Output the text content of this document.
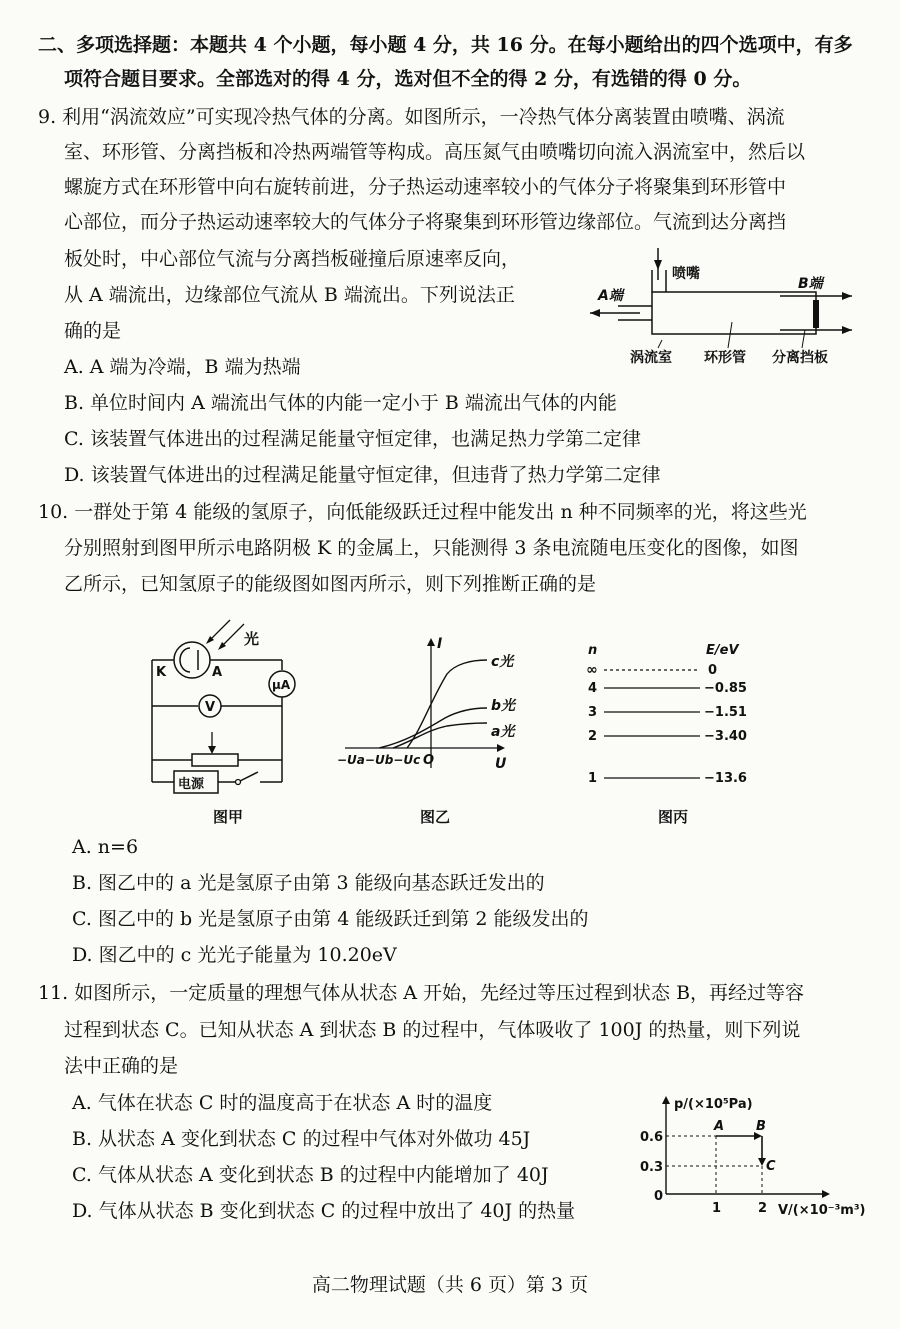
二、多项选择题：本题共 4 个小题，每小题 4 分，共 16 分。在每小题给出的四个选项中，有多
项符合题目要求。全部选对的得 4 分，选对但不全的得 2 分，有选错的得 0 分。
9. 利用“涡流效应”可实现冷热气体的分离。如图所示，一冷热气体分离装置由喷嘴、涡流
室、环形管、分离挡板和冷热两端管等构成。高压氮气由喷嘴切向流入涡流室中，然后以
螺旋方式在环形管中向右旋转前进，分子热运动速率较小的气体分子将聚集到环形管中
心部位，而分子热运动速率较大的气体分子将聚集到环形管边缘部位。气流到达分离挡
板处时，中心部位气流与分离挡板碰撞后原速率反向，
从 A 端流出，边缘部位气流从 B 端流出。下列说法正
确的是
喷嘴
A端
B端
涡流室 环形管 分离挡板
A. A 端为冷端，B 端为热端
B. 单位时间内 A 端流出气体的内能一定小于 B 端流出气体的内能
C. 该装置气体进出的过程满足能量守恒定律，也满足热力学第二定律
D. 该装置气体进出的过程满足能量守恒定律，但违背了热力学第二定律
10. 一群处于第 4 能级的氢原子，向低能级跃迁过程中能发出 n 种不同频率的光，将这些光
分别照射到图甲所示电路阴极 K 的金属上，只能测得 3 条电流随电压变化的图像，如图
乙所示，已知氢原子的能级图如图丙所示，则下列推断正确的是
光
K	A
μA
V
电源
图甲
I
U
O
c光
b光
a光
−Ua−Ub−Uc
图乙
n	E/eV
∞	0
4	−0.85
3	−1.51
2	−3.40
1	−13.6
图丙
A. n=6
B. 图乙中的 a 光是氢原子由第 3 能级向基态跃迁发出的
C. 图乙中的 b 光是氢原子由第 4 能级跃迁到第 2 能级发出的
D. 图乙中的 c 光光子能量为 10.20eV
11. 如图所示，一定质量的理想气体从状态 A 开始，先经过等压过程到状态 B，再经过等容
过程到状态 C。已知从状态 A 到状态 B 的过程中，气体吸收了 100J 的热量，则下列说
法中正确的是
A. 气体在状态 C 时的温度高于在状态 A 时的温度
B. 从状态 A 变化到状态 C 的过程中气体对外做功 45J
C. 气体从状态 A 变化到状态 B 的过程中内能增加了 40J
D. 气体从状态 B 变化到状态 C 的过程中放出了 40J 的热量
p/(×10⁵Pa)
V/(×10⁻³m³)
0.6
0.3
0
1	2
A B
C
高二物理试题（共 6 页）第 3 页
